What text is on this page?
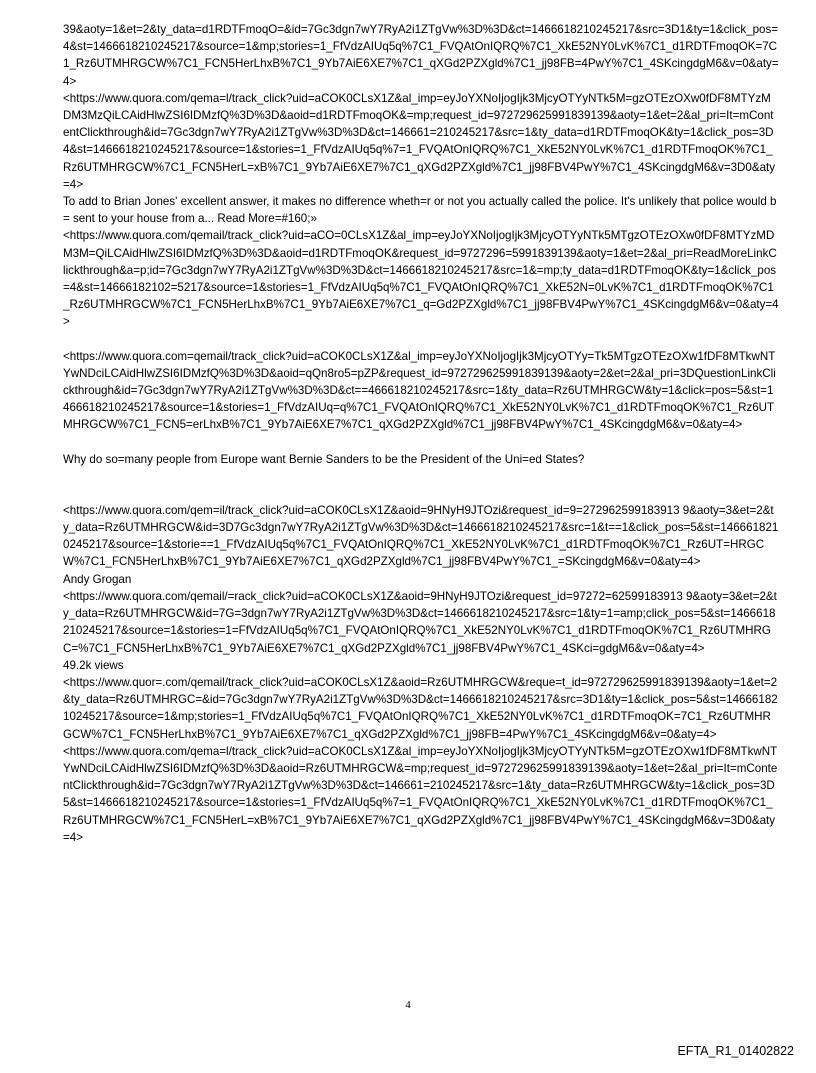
39&aoty=1&et=2&ty_data=d1RDTFmoqO=&id=7Gc3dgn7wY7RyA2i1ZTgVw%3D%3D&ct=1466618210245217&src=3D1&ty=1&click_pos=4&st=1466618210245217&source=1&mp;stories=1_FfVdzAIUq5q%7C1_FVQAtOnIQRQ%7C1_XkE52NY0LvK%7C1_d1RDTFmoqOK=7C1_Rz6UTMHRGCW%7C1_FCN5HerLhxB%7C1_9Yb7AiE6XE7%7C1_qXGd2PZXgld%7C1_jj98FB=4PwY%7C1_4SKcingdgM6&v=0&aty=4>

<https://www.quora.com/qema=l/track_click?uid=aCOK0CLsX1Z&al_imp=eyJoYXNoIjogIjk3MjcyOTYyNTk5M=gzOTEzOXw0fDF8MTYzMDM3MzQiLCAidHlwZSI6IDMzfQ%3D%3D&aoid=d1RDTFmoqOK&=mp;request_id=972729625991839139&aoty=1&et=2&al_pri=It=mContentClickthrough&id=7Gc3dgn7wY7RyA2i1ZTgVw%3D%3D&ct=146661=210245217&src=1&ty_data=d1RDTFmoqOK&ty=1&click_pos=3D4&st=1466618210245217&source=1&stories=1_FfVdzAIUq5q%7=1_FVQAtOnIQRQ%7C1_XkE52NY0LvK%7C1_d1RDTFmoqOK%7C1_Rz6UTMHRGCW%7C1_FCN5HerL=xB%7C1_9Yb7AiE6XE7%7C1_qXGd2PZXgld%7C1_jj98FBV4PwY%7C1_4SKcingdgM6&v=3D0&aty=4>

To add to Brian Jones' excellent answer, it makes no difference wheth=r or not you actually called the police. It's unlikely that police would b= sent to your house from a... Read More=#160;»

<https://www.quora.com/qemail/track_click?uid=aCO=0CLsX1Z&al_imp=eyJoYXNoIjogIjk3MjcyOTYyNTk5MTgzOTEzOXw0fDF8MTYzMDM3M=QiLCAidHlwZSI6IDMzfQ%3D%3D&aoid=d1RDTFmoqOK&request_id=9727296=5991839139&aoty=1&et=2&al_pri=ReadMoreLinkClickthrough&a=p;id=7Gc3dgn7wY7RyA2i1ZTgVw%3D%3D&ct=1466618210245217&src=1&=mp;ty_data=d1RDTFmoqOK&ty=1&click_pos=4&st=14666182102=5217&source=1&stories=1_FfVdzAIUq5q%7C1_FVQAtOnIQRQ%7C1_XkE52N=0LvK%7C1_d1RDTFmoqOK%7C1_Rz6UTMHRGCW%7C1_FCN5HerLhxB%7C1_9Yb7AiE6XE7%7C1_q=Gd2PZXgld%7C1_jj98FBV4PwY%7C1_4SKcingdgM6&v=0&aty=4>

<https://www.quora.com=qemail/track_click?uid=aCOK0CLsX1Z&al_imp=eyJoYXNoIjogIjk3MjcyOTYy=Tk5MTgzOTEzOXw1fDF8MTkwNTYwNDciLCAidHlwZSI6IDMzfQ%3D%3D&aoid=qQn8ro5=pZP&request_id=972729625991839139&aoty=2&et=2&al_pri=3DQuestionLinkClickthrough&id=7Gc3dgn7wY7RyA2i1ZTgVw%3D%3D&ct==466618210245217&src=1&ty_data=Rz6UTMHRGCW&ty=1&click=pos=5&st=1466618210245217&source=1&stories=1_FfVdzAIUq=q%7C1_FVQAtOnIQRQ%7C1_XkE52NY0LvK%7C1_d1RDTFmoqOK%7C1_Rz6UTMHRGCW%7C1_FCN5=erLhxB%7C1_9Yb7AiE6XE7%7C1_qXGd2PZXgld%7C1_jj98FBV4PwY%7C1_4SKcingdgM6&v=0&aty=4>

Why do so=many people from Europe want Bernie Sanders to be the President of the Uni=ed States?

<https://www.quora.com/qem=il/track_click?uid=aCOK0CLsX1Z&aoid=9HNyH9JTOzi&request_id=9=272962599183913 9&aoty=3&et=2&ty_data=Rz6UTMHRGCW&id=3D7Gc3dgn7wY7RyA2i1ZTgVw%3D%3D&ct=1466618210245217&src=1&t==1&click_pos=5&st=1466618210245217&source=1&storie==1_FfVdzAIUq5q%7C1_FVQAtOnIQRQ%7C1_XkE52NY0LvK%7C1_d1RDTFmoqOK%7C1_Rz6UT=HRGCW%7C1_FCN5HerLhxB%7C1_9Yb7AiE6XE7%7C1_qXGd2PZXgld%7C1_jj98FBV4PwY%7C1_=SKcingdgM6&v=0&aty=4>

Andy Grogan

<https://www.quora.com/qemail/=rack_click?uid=aCOK0CLsX1Z&aoid=9HNyH9JTOzi&request_id=97272=62599183913 9&aoty=3&et=2&ty_data=Rz6UTMHRGCW&id=7G=3dgn7wY7RyA2i1ZTgVw%3D%3D&ct=1466618210245217&src=1&ty=1=amp;click_pos=5&st=1466618210245217&source=1&stories=1=FfVdzAIUq5q%7C1_FVQAtOnIQRQ%7C1_XkE52NY0LvK%7C1_d1RDTFmoqOK%7C1_Rz6UTMHRGC=%7C1_FCN5HerLhxB%7C1_9Yb7AiE6XE7%7C1_qXGd2PZXgld%7C1_jj98FBV4PwY%7C1_4SKci=gdgM6&v=0&aty=4>

49.2k views

<https://www.quor=.com/qemail/track_click?uid=aCOK0CLsX1Z&aoid=Rz6UTMHRGCW&reque=t_id=972729625991839139&aoty=1&et=2&ty_data=Rz6UTMHRGC=&id=7Gc3dgn7wY7RyA2i1ZTgVw%3D%3D&ct=1466618210245217&src=3D1&ty=1&click_pos=5&st=1466618210245217&source=1&mp;stories=1_FfVdzAIUq5q%7C1_FVQAtOnIQRQ%7C1_XkE52NY0LvK%7C1_d1RDTFmoqOK=7C1_Rz6UTMHRGCW%7C1_FCN5HerLhxB%7C1_9Yb7AiE6XE7%7C1_qXGd2PZXgld%7C1_jj98FB=4PwY%7C1_4SKcingdgM6&v=0&aty=4>

<https://www.quora.com/qema=l/track_click?uid=aCOK0CLsX1Z&al_imp=eyJoYXNoIjogIjk3MjcyOTYyNTk5M=gzOTEzOXw1fDF8MTkwNTYwNDciLCAidHlwZSI6IDMzfQ%3D%3D&aoid=Rz6UTMHRGCW&=mp;request_id=972729625991839139&aoty=1&et=2&al_pri=It=mContentClickthrough&id=7Gc3dgn7wY7RyA2i1ZTgVw%3D%3D&ct=146661=210245217&src=1&ty_data=Rz6UTMHRGCW&ty=1&click_pos=3D5&st=1466618210245217&source=1&stories=1_FfVdzAIUq5q%7=1_FVQAtOnIQRQ%7C1_XkE52NY0LvK%7C1_d1RDTFmoqOK%7C1_Rz6UTMHRGCW%7C1_FCN5HerL=xB%7C1_9Yb7AiE6XE7%7C1_qXGd2PZXgld%7C1_jj98FBV4PwY%7C1_4SKcingdgM6&v=3D0&aty=4>

4
EFTA_R1_01402822
